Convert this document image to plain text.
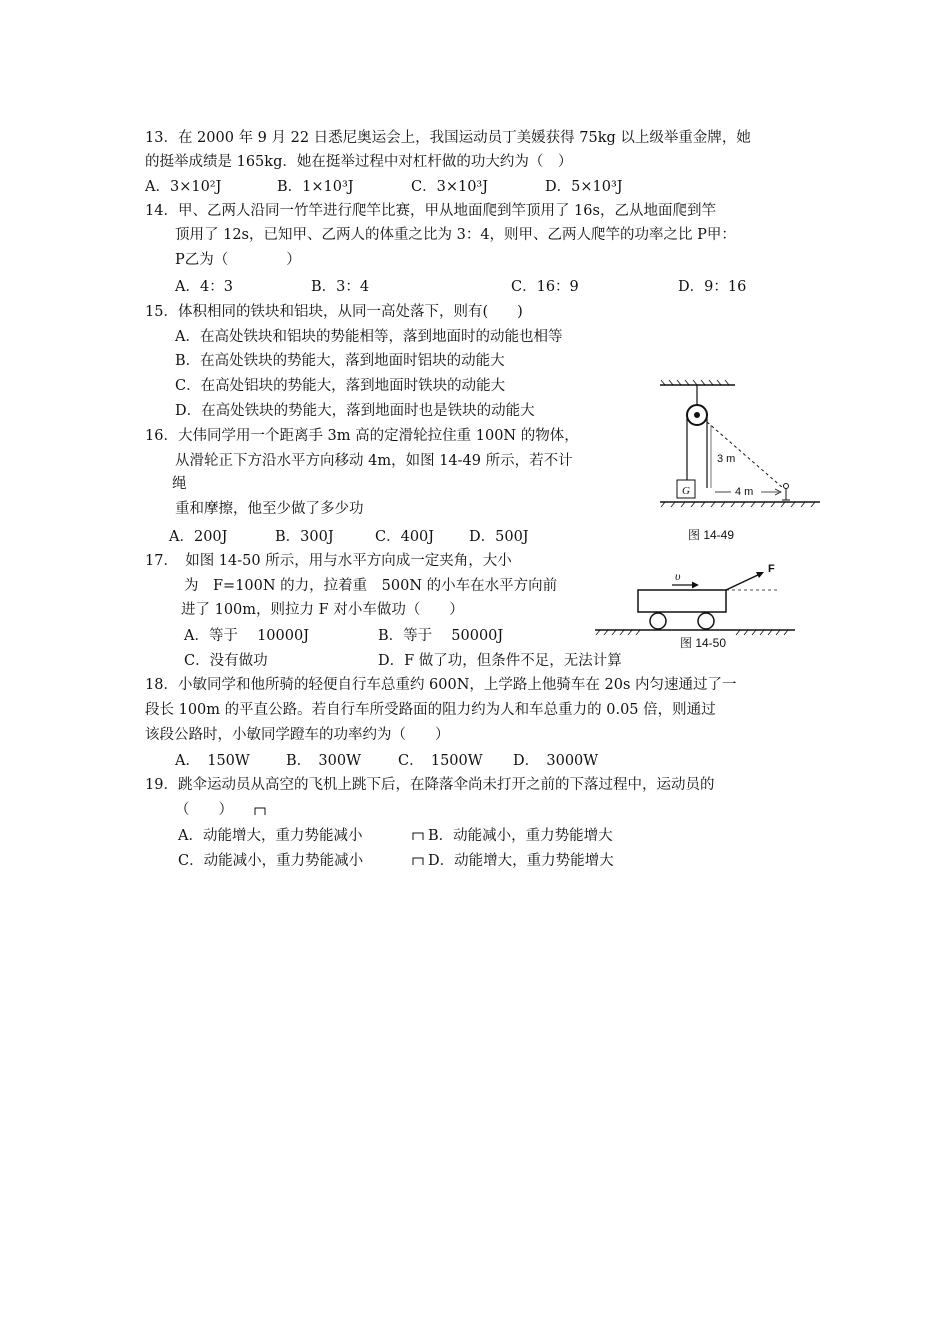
13．在 2000 年 9 月 22 日悉尼奥运会上，我国运动员丁美媛获得 75kg 以上级举重金牌，她
的挺举成绩是 165kg．她在挺举过程中对杠杆做的功大约为（　）
A．3×10²J	B．1×10³J	C．3×10³J	D．5×10³J
14．甲、乙两人沿同一竹竿进行爬竿比赛，甲从地面爬到竿顶用了 16s，乙从地面爬到竿
顶用了 12s，已知甲、乙两人的体重之比为 3：4，则甲、乙两人爬竿的功率之比 P甲：
P乙为（　　　　）
A．4：3	B．3：4	C．16：9	D．9：16
15．体积相同的铁块和铝块，从同一高处落下，则有(　　)
A．在高处铁块和铝块的势能相等，落到地面时的动能也相等
B．在高处铁块的势能大，落到地面时铝块的动能大
C．在高处铝块的势能大，落到地面时铁块的动能大
D．在高处铁块的势能大，落到地面时也是铁块的动能大
16．大伟同学用一个距离手 3m 高的定滑轮拉住重 100N 的物体，
从滑轮正下方沿水平方向移动 4m，如图 14-49 所示，若不计
绳
重和摩擦，他至少做了多少功
A．200J	B．300J	C．400J D．500J
G
3 m
4 m
图 14-49
17．　如图 14-50 所示，用与水平方向成一定夹角，大小
为　F=100N 的力，拉着重　500N 的小车在水平方向前
进了 100m，则拉力 F 对小车做功（　　）
A．等于　 10000J	B．等于　 50000J
C．没有做功	D．F 做了功，但条件不足，无法计算
υ	F
图 14-50
18．小敏同学和他所骑的轻便自行车总重约 600N，上学路上他骑车在 20s 内匀速通过了一
段长 100m 的平直公路。若自行车所受路面的阻力约为人和车总重力的 0.05 倍，则通过
该段公路时，小敏同学蹬车的功率约为（　　）
A．　150W B．　300W	C．　1500W D．　3000W
19．跳伞运动员从高空的飞机上跳下后，在降落伞尚未打开之前的下落过程中，运动员的
（　　）
A．动能增大，重力势能减小	B．动能减小，重力势能增大
C．动能减小，重力势能减小	D．动能增大，重力势能增大
